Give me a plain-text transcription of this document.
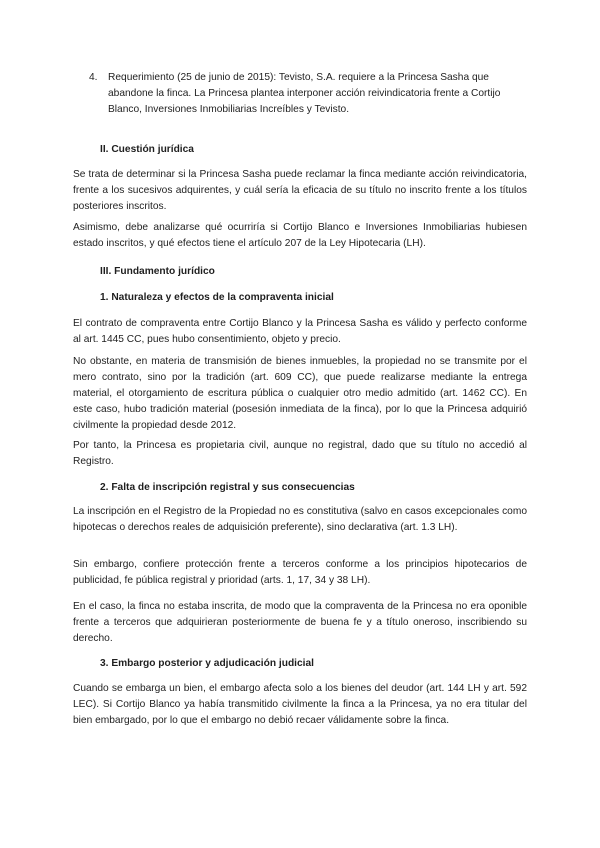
4.	Requerimiento (25 de junio de 2015): Tevisto, S.A. requiere a la Princesa Sasha que abandone la finca. La Princesa plantea interponer acción reivindicatoria frente a Cortijo Blanco, Inversiones Inmobiliarias Increíbles y Tevisto.

II. Cuestión jurídica

Se trata de determinar si la Princesa Sasha puede reclamar la finca mediante acción reivindicatoria, frente a los sucesivos adquirentes, y cuál sería la eficacia de su título no inscrito frente a los títulos posteriores inscritos.

Asimismo, debe analizarse qué ocurriría si Cortijo Blanco e Inversiones Inmobiliarias hubiesen estado inscritos, y qué efectos tiene el artículo 207 de la Ley Hipotecaria (LH).

III. Fundamento jurídico

1. Naturaleza y efectos de la compraventa inicial

El contrato de compraventa entre Cortijo Blanco y la Princesa Sasha es válido y perfecto conforme al art. 1445 CC, pues hubo consentimiento, objeto y precio.

No obstante, en materia de transmisión de bienes inmuebles, la propiedad no se transmite por el mero contrato, sino por la tradición (art. 609 CC), que puede realizarse mediante la entrega material, el otorgamiento de escritura pública o cualquier otro medio admitido (art. 1462 CC). En este caso, hubo tradición material (posesión inmediata de la finca), por lo que la Princesa adquirió civilmente la propiedad desde 2012.

Por tanto, la Princesa es propietaria civil, aunque no registral, dado que su título no accedió al Registro.

2. Falta de inscripción registral y sus consecuencias

La inscripción en el Registro de la Propiedad no es constitutiva (salvo en casos excepcionales como hipotecas o derechos reales de adquisición preferente), sino declarativa (art. 1.3 LH).

Sin embargo, confiere protección frente a terceros conforme a los principios hipotecarios de publicidad, fe pública registral y prioridad (arts. 1, 17, 34 y 38 LH).

En el caso, la finca no estaba inscrita, de modo que la compraventa de la Princesa no era oponible frente a terceros que adquirieran posteriormente de buena fe y a título oneroso, inscribiendo su derecho.

3. Embargo posterior y adjudicación judicial

Cuando se embarga un bien, el embargo afecta solo a los bienes del deudor (art. 144 LH y art. 592 LEC). Si Cortijo Blanco ya había transmitido civilmente la finca a la Princesa, ya no era titular del bien embargado, por lo que el embargo no debió recaer válidamente sobre la finca.
